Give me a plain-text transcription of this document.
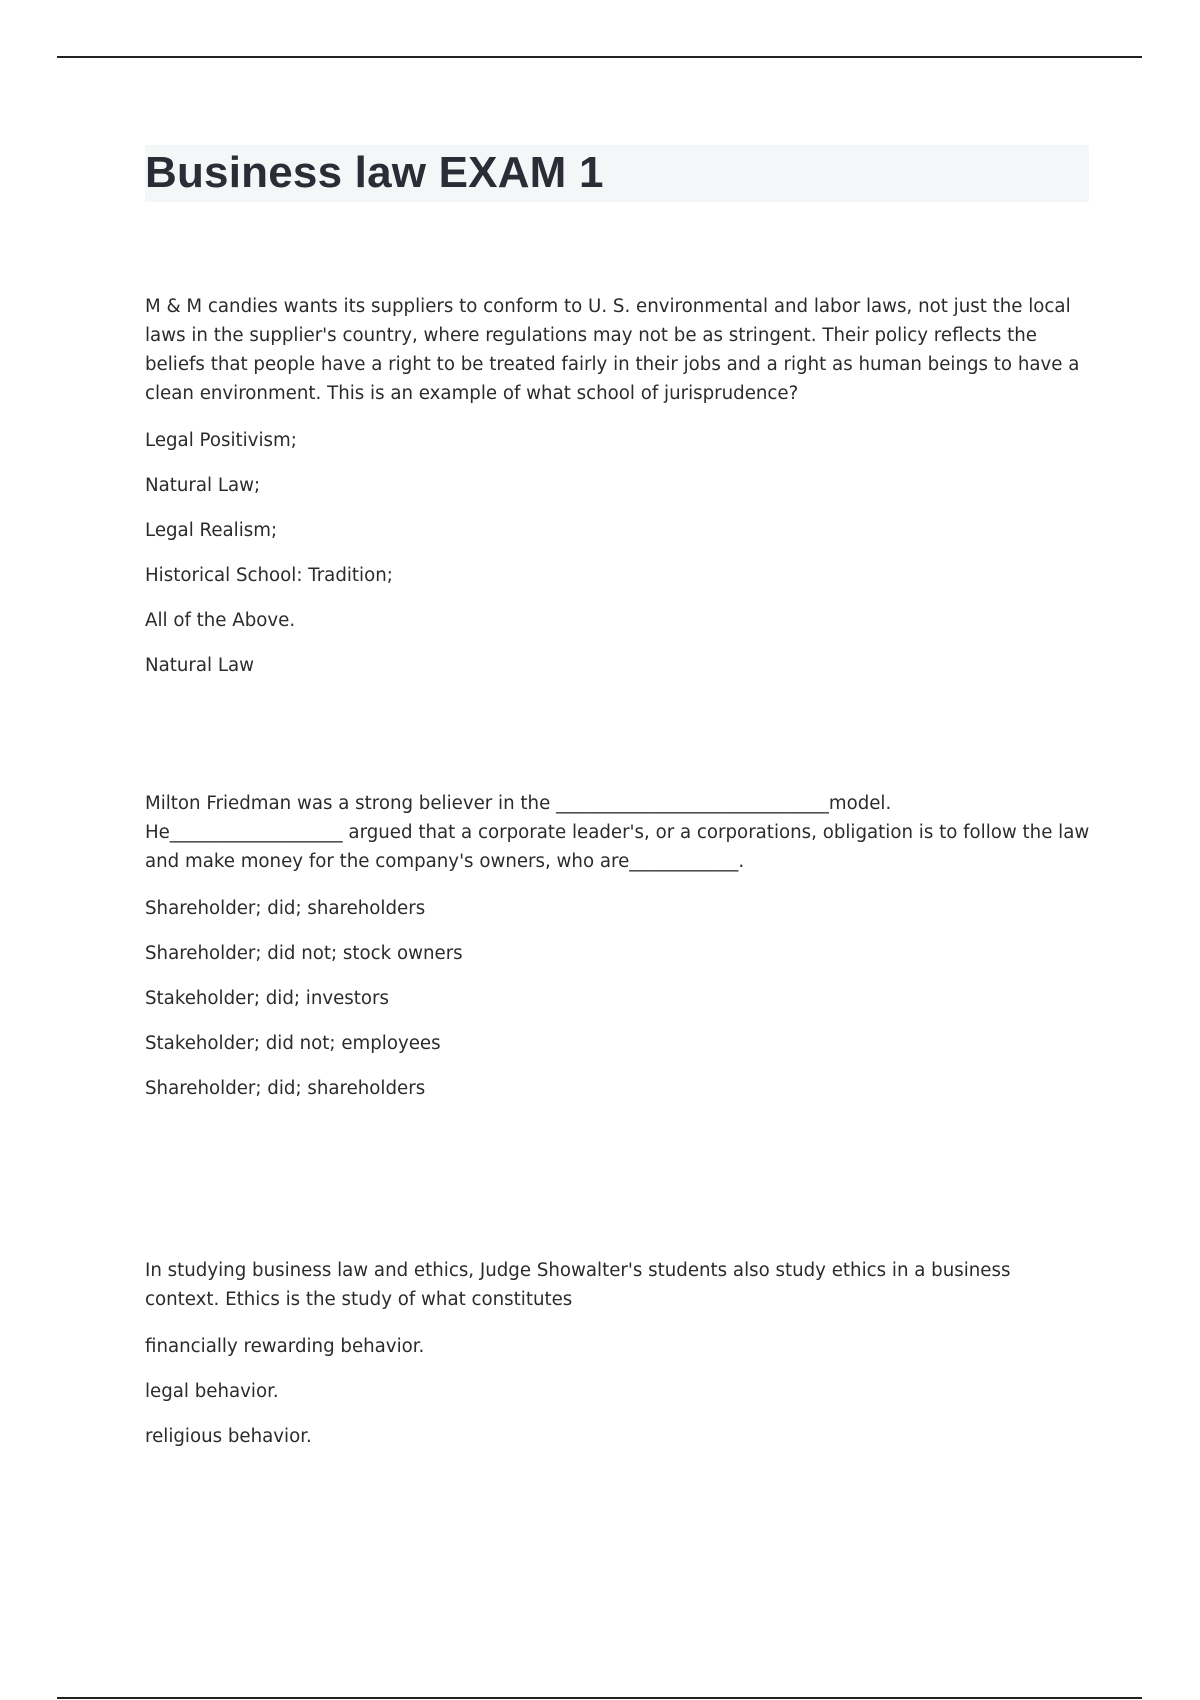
Business law EXAM 1

M & M candies wants its suppliers to conform to U. S. environmental and labor laws, not just the local laws in the supplier's country, where regulations may not be as stringent. Their policy reflects the beliefs that people have a right to be treated fairly in their jobs and a right as human beings to have a clean environment. This is an example of what school of jurisprudence?

Legal Positivism;
Natural Law;
Legal Realism;
Historical School: Tradition;
All of the Above.
Natural Law

Milton Friedman was a strong believer in the ______________________________model. He___________________ argued that a corporate leader's, or a corporations, obligation is to follow the law and make money for the company's owners, who are____________.

Shareholder; did; shareholders
Shareholder; did not; stock owners
Stakeholder; did; investors
Stakeholder; did not; employees
Shareholder; did; shareholders

In studying business law and ethics, Judge Showalter's students also study ethics in a business context. Ethics is the study of what constitutes

financially rewarding behavior.
legal behavior.
religious behavior.
